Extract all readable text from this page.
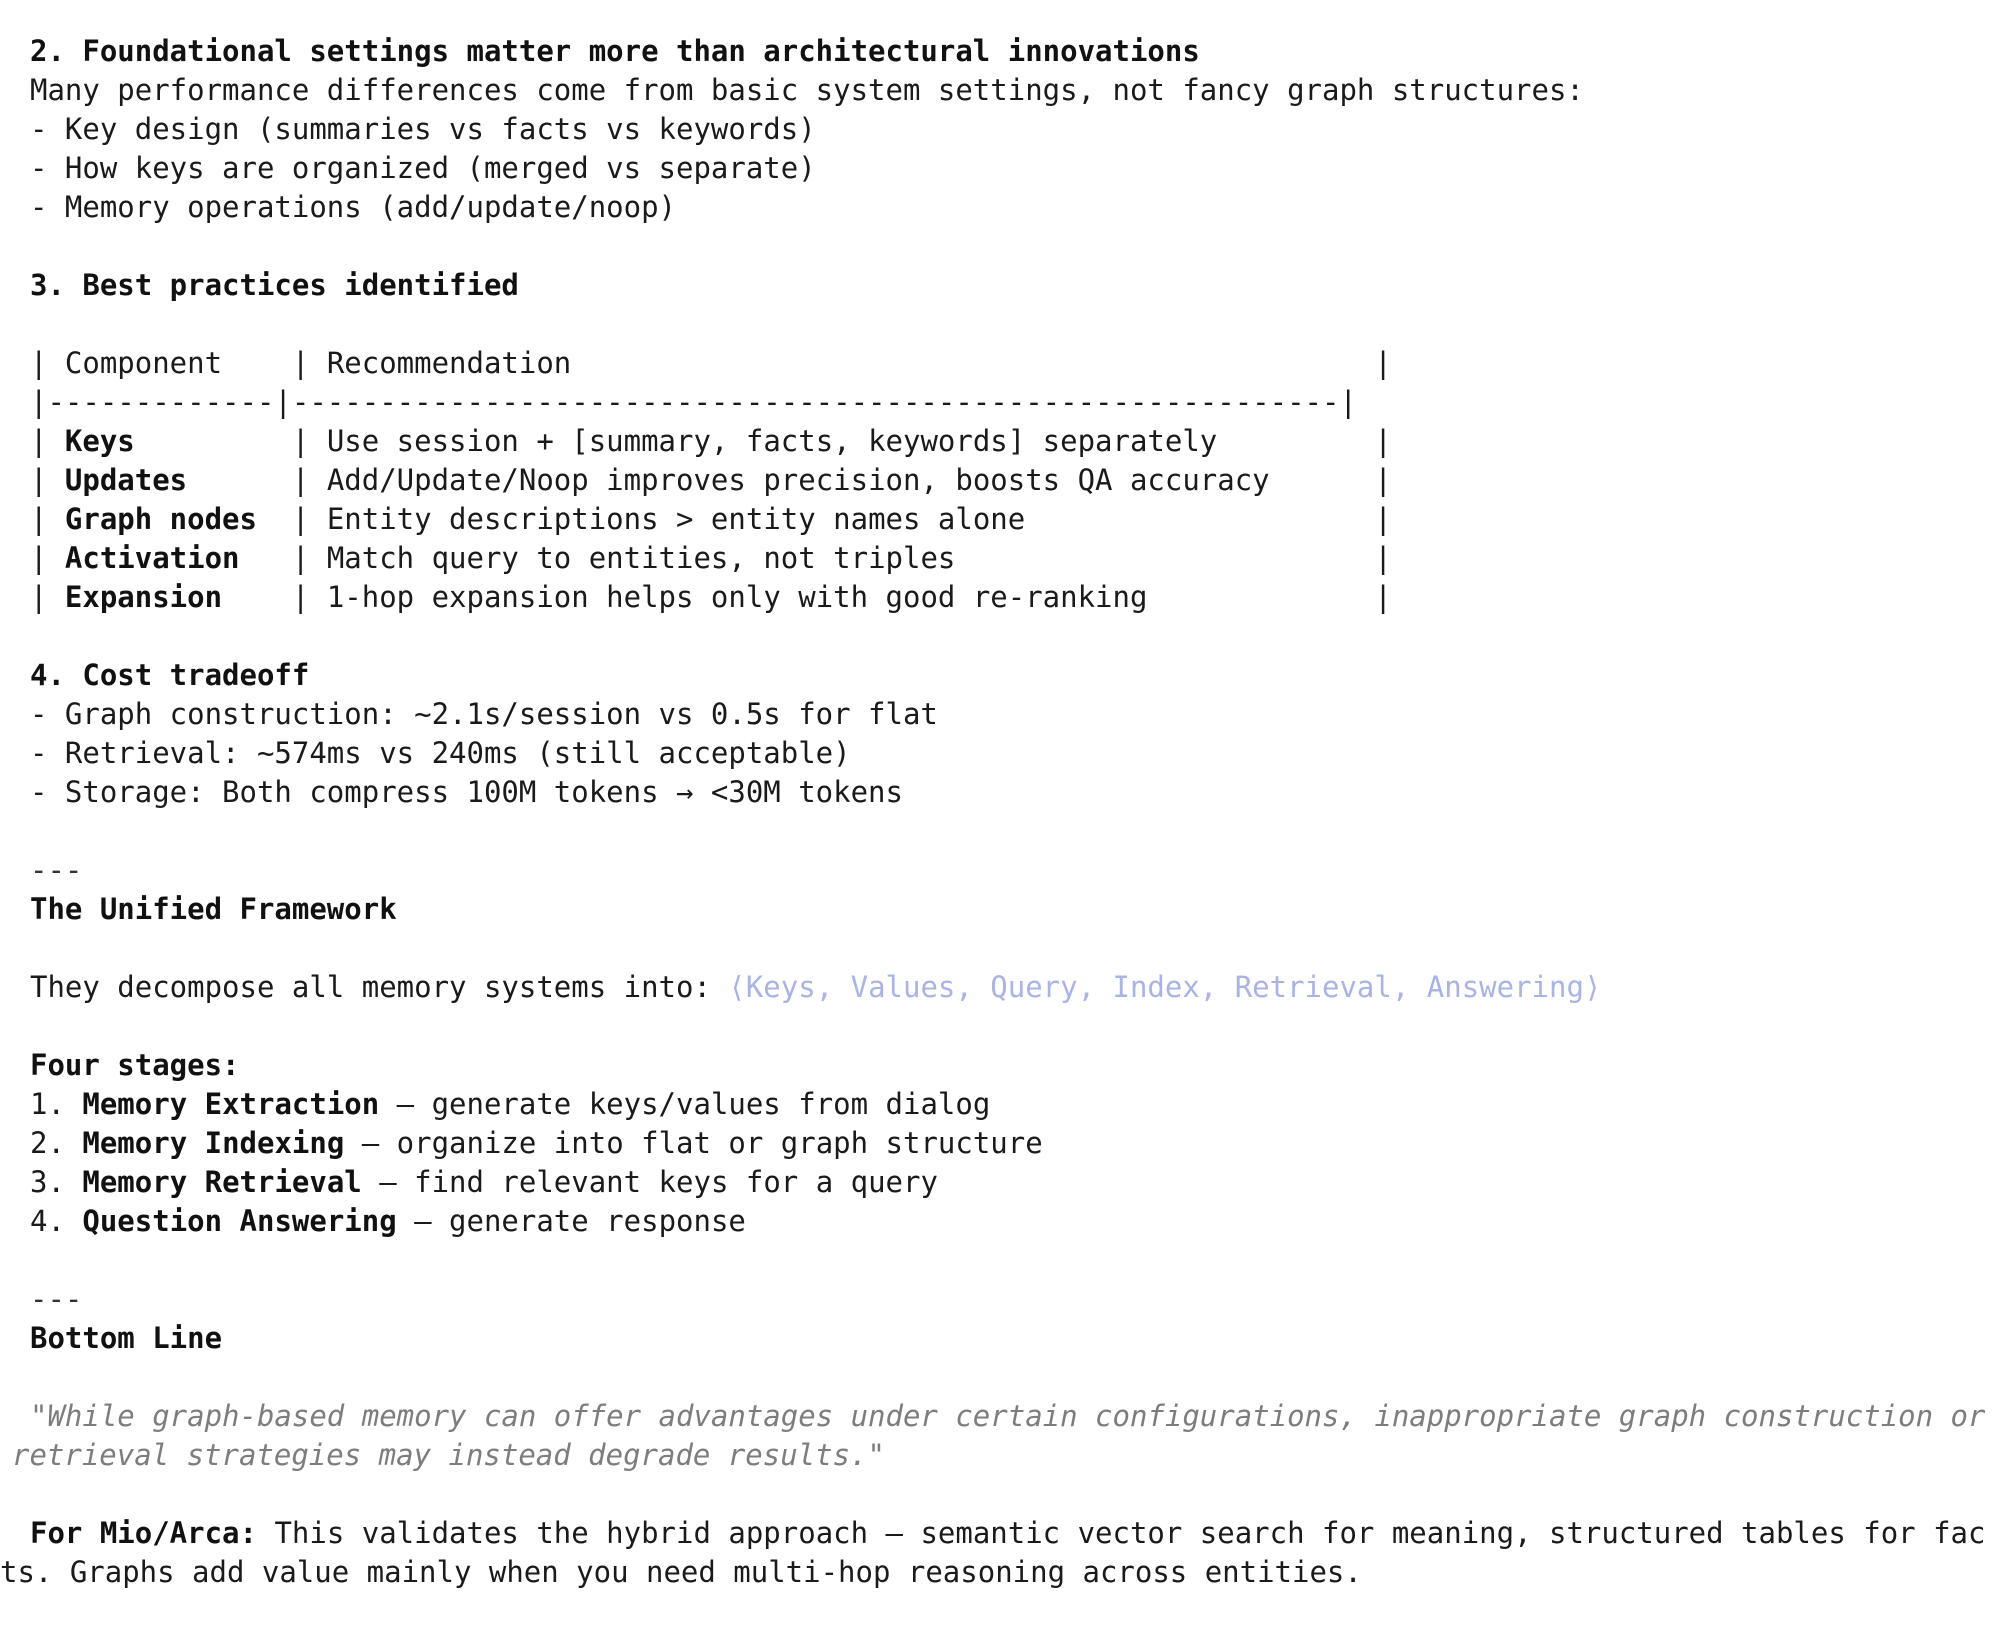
2. Foundational settings matter more than architectural innovations
Many performance differences come from basic system settings, not fancy graph structures:
- Key design (summaries vs facts vs keywords)
- How keys are organized (merged vs separate)
- Memory operations (add/update/noop)
3. Best practices identified
| Component    | Recommendation                                              |
|-------------|------------------------------------------------------------|
| Keys         | Use session + [summary, facts, keywords] separately         |
| Updates      | Add/Update/Noop improves precision, boosts QA accuracy      |
| Graph nodes  | Entity descriptions > entity names alone                    |
| Activation   | Match query to entities, not triples                        |
| Expansion    | 1-hop expansion helps only with good re-ranking             |
4. Cost tradeoff
- Graph construction: ~2.1s/session vs 0.5s for flat
- Retrieval: ~574ms vs 240ms (still acceptable)
- Storage: Both compress 100M tokens → <30M tokens
---
The Unified Framework
They decompose all memory systems into: ⟨Keys, Values, Query, Index, Retrieval, Answering⟩
Four stages:
1. Memory Extraction — generate keys/values from dialog
2. Memory Indexing — organize into flat or graph structure
3. Memory Retrieval — find relevant keys for a query
4. Question Answering — generate response
---
Bottom Line
"While graph-based memory can offer advantages under certain configurations, inappropriate graph construction or
retrieval strategies may instead degrade results."
For Mio/Arca: This validates the hybrid approach — semantic vector search for meaning, structured tables for fac
ts. Graphs add value mainly when you need multi-hop reasoning across entities.
